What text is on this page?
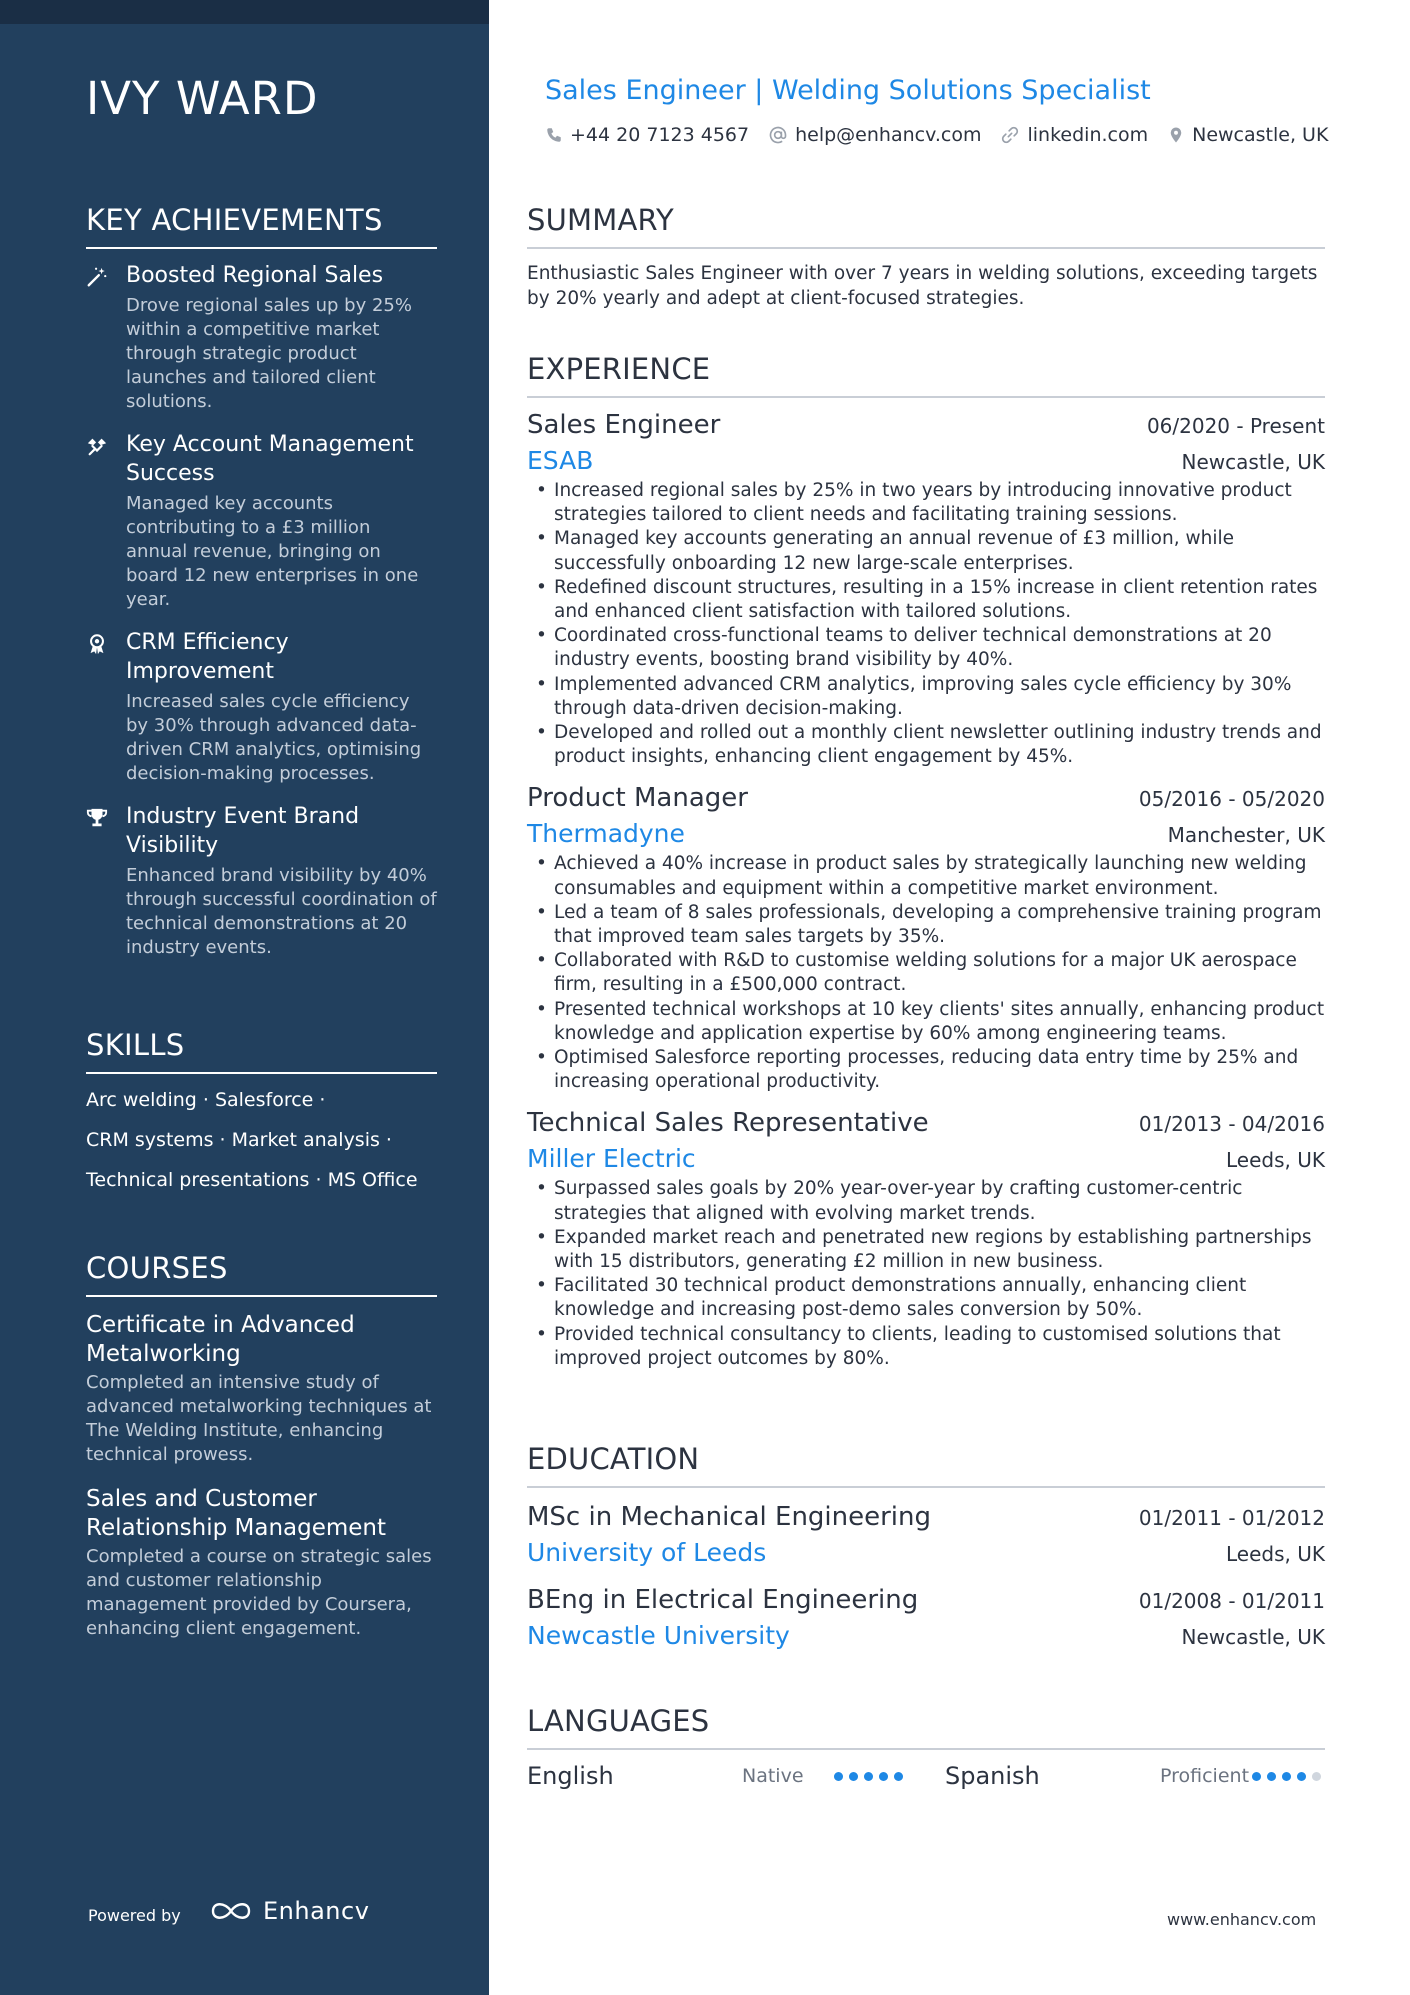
IVY WARD
KEY ACHIEVEMENTS
Boosted Regional Sales
Drove regional sales up by 25% within a competitive market through strategic product launches and tailored client solutions.
Key Account Management Success
Managed key accounts contributing to a £3 million annual revenue, bringing on board 12 new enterprises in one year.
CRM Efficiency Improvement
Increased sales cycle efficiency by 30% through advanced data-driven CRM analytics, optimising decision-making processes.
Industry Event Brand Visibility
Enhanced brand visibility by 40% through successful coordination of technical demonstrations at 20 industry events.
SKILLS
Arc welding · Salesforce ·
CRM systems · Market analysis ·
Technical presentations · MS Office
COURSES
Certificate in Advanced Metalworking
Completed an intensive study of advanced metalworking techniques at The Welding Institute, enhancing technical prowess.
Sales and Customer Relationship Management
Completed a course on strategic sales and customer relationship management provided by Coursera, enhancing client engagement.
Powered by	Enhancv
Sales Engineer | Welding Solutions Specialist
+44 20 7123 4567 help@enhancv.com linkedin.com Newcastle, UK
SUMMARY

Enthusiastic Sales Engineer with over 7 years in welding solutions, exceeding targets by 20% yearly and adept at client-focused strategies.

EXPERIENCE
Sales Engineer	06/2020 - Present
ESAB	Newcastle, UK
• Increased regional sales by 25% in two years by introducing innovative product strategies tailored to client needs and facilitating training sessions.
• Managed key accounts generating an annual revenue of £3 million, while successfully onboarding 12 new large-scale enterprises.
• Redefined discount structures, resulting in a 15% increase in client retention rates and enhanced client satisfaction with tailored solutions.
• Coordinated cross-functional teams to deliver technical demonstrations at 20 industry events, boosting brand visibility by 40%.
• Implemented advanced CRM analytics, improving sales cycle efficiency by 30% through data-driven decision-making.
• Developed and rolled out a monthly client newsletter outlining industry trends and product insights, enhancing client engagement by 45%.
Product Manager	05/2016 - 05/2020
Thermadyne	Manchester, UK
• Achieved a 40% increase in product sales by strategically launching new welding consumables and equipment within a competitive market environment.
• Led a team of 8 sales professionals, developing a comprehensive training program that improved team sales targets by 35%.
• Collaborated with R&D to customise welding solutions for a major UK aerospace firm, resulting in a £500,000 contract.
• Presented technical workshops at 10 key clients' sites annually, enhancing product knowledge and application expertise by 60% among engineering teams.
• Optimised Salesforce reporting processes, reducing data entry time by 25% and increasing operational productivity.
Technical Sales Representative	01/2013 - 04/2016
Miller Electric	Leeds, UK
• Surpassed sales goals by 20% year-over-year by crafting customer-centric strategies that aligned with evolving market trends.
• Expanded market reach and penetrated new regions by establishing partnerships with 15 distributors, generating £2 million in new business.
• Facilitated 30 technical product demonstrations annually, enhancing client knowledge and increasing post-demo sales conversion by 50%.
• Provided technical consultancy to clients, leading to customised solutions that improved project outcomes by 80%.
EDUCATION
MSc in Mechanical Engineering	01/2011 - 01/2012
University of Leeds	Leeds, UK
BEng in Electrical Engineering	01/2008 - 01/2011
Newcastle University	Newcastle, UK
LANGUAGES
English	Native	Spanish	Proficient
www.enhancv.com
